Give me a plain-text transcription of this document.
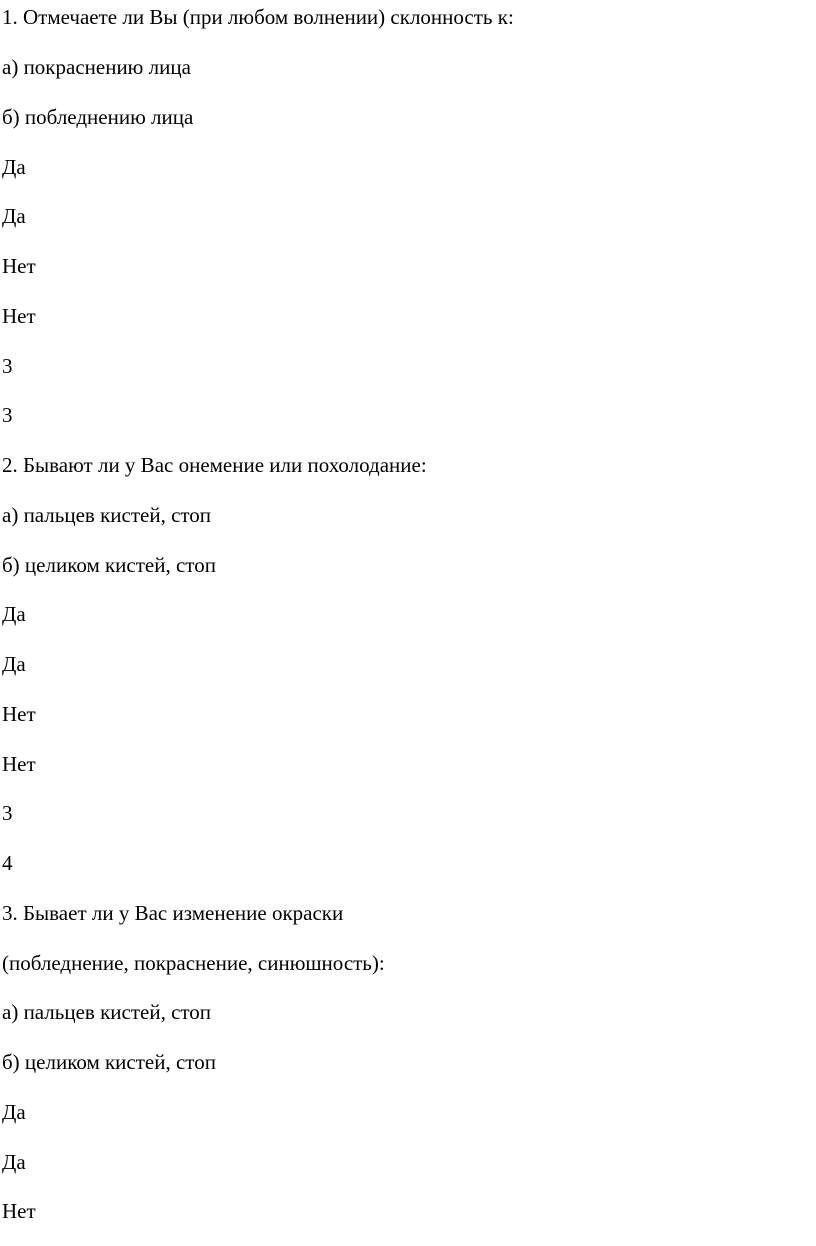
1. Отмечаете ли Вы (при любом волнении) склонность к:

а) покраснению лица

б) побледнению лица

Да

Да

Нет

Нет

3

3

2. Бывают ли у Вас онемение или похолодание:

а) пальцев кистей, стоп

б) целиком кистей, стоп

Да

Да

Нет

Нет

3

4

3. Бывает ли у Вас изменение окраски

(побледнение, покраснение, синюшность):

а) пальцев кистей, стоп

б) целиком кистей, стоп

Да

Да

Нет
